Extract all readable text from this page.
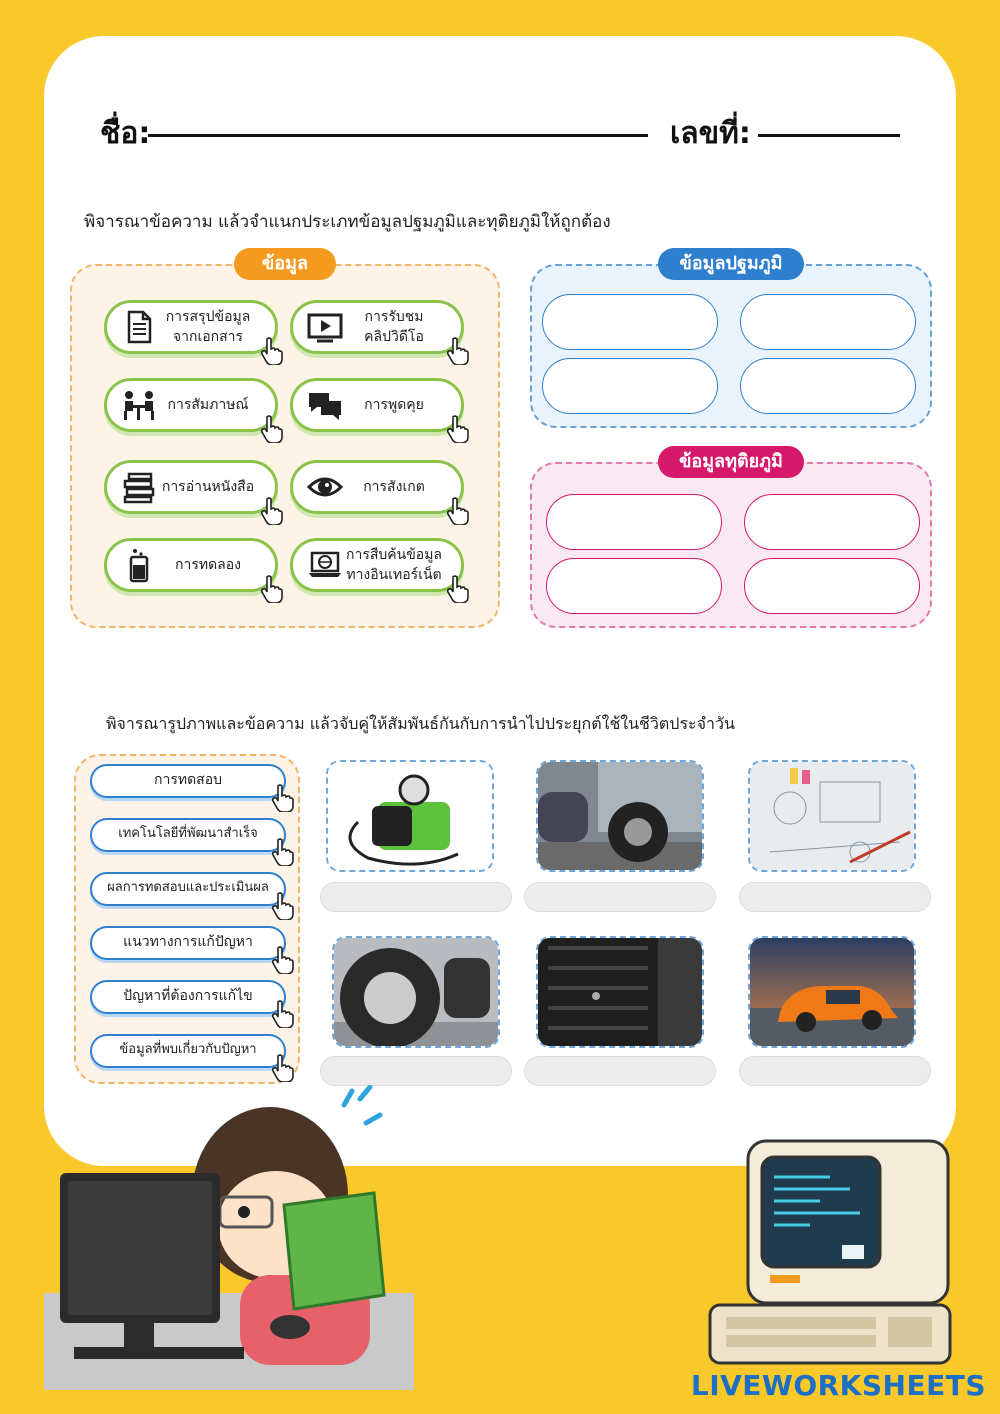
ชื่อ:	เลขที่:
พิจารณาข้อความ แล้วจำแนกประเภทข้อมูลปฐมภูมิและทุติยภูมิให้ถูกต้อง
ข้อมูล
การสรุปข้อมูล
จากเอกสาร
การรับชม
คลิปวิดีโอ
การสัมภาษณ์	การพูดคุย
การอ่านหนังสือ	การสังเกต
การทดลอง
การสืบค้นข้อมูล
ทางอินเทอร์เน็ต
ข้อมูลปฐมภูมิ
ข้อมูลทุติยภูมิ
พิจารณารูปภาพและข้อความ แล้วจับคู่ให้สัมพันธ์กันกับการนำไปประยุกต์ใช้ในชีวิตประจำวัน
การทดสอบ
เทคโนโลยีที่พัฒนาสำเร็จ
ผลการทดสอบและประเมินผล
แนวทางการแก้ปัญหา
ปัญหาที่ต้องการแก้ไข
ข้อมูลที่พบเกี่ยวกับปัญหา
LIVEWORKSHEETS
